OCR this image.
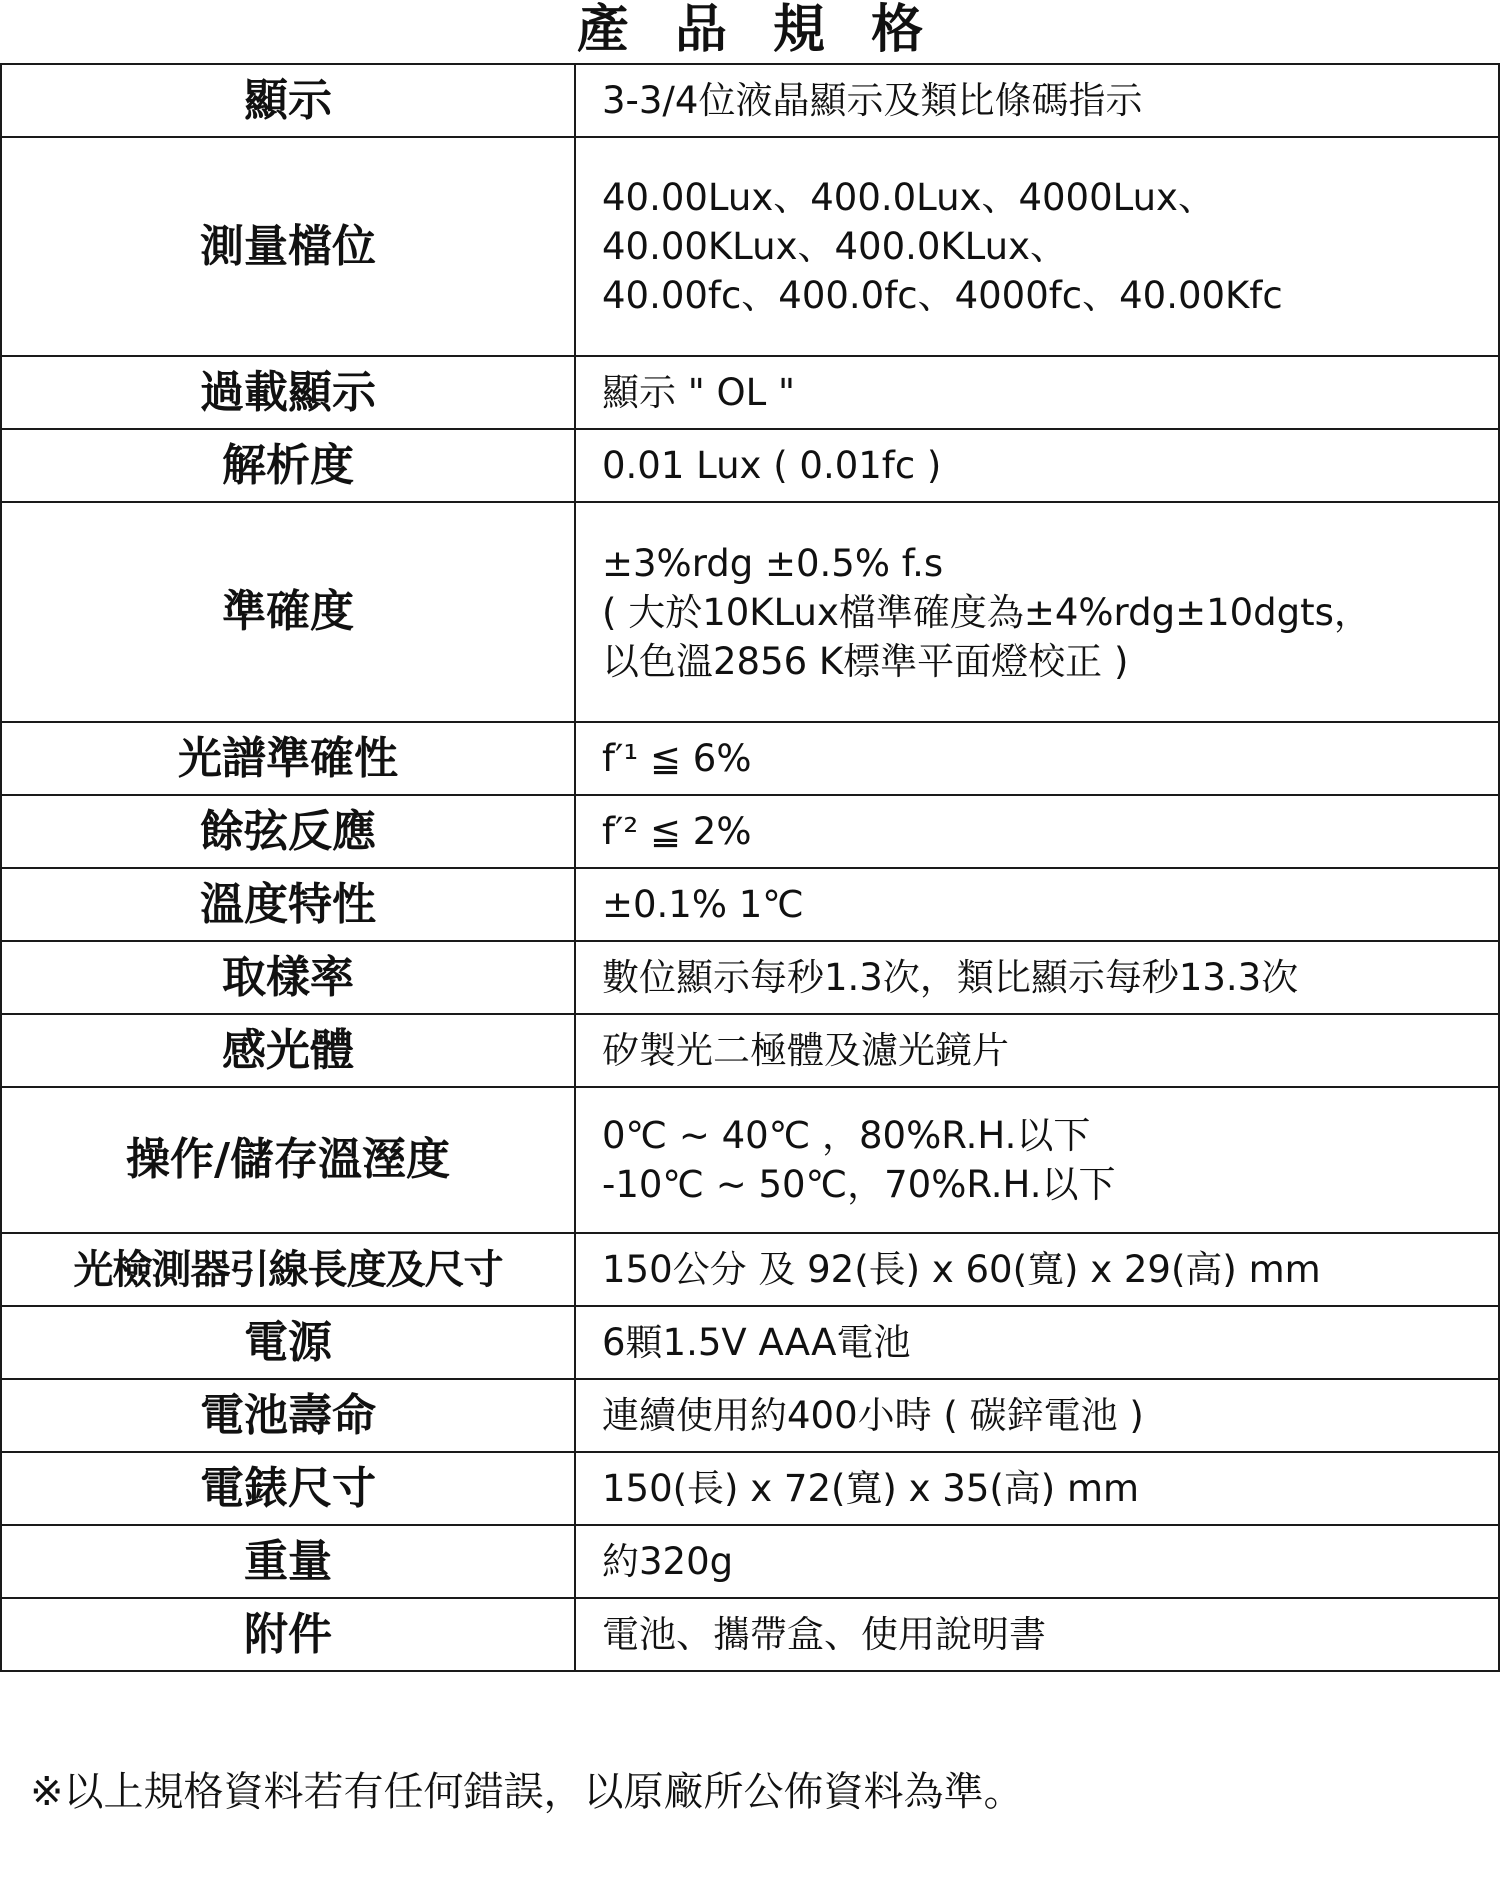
產 品 規 格
顯示	3-3/4位液晶顯示及類比條碼指示

測量檔位	40.00Lux、400.0Lux、4000Lux、
40.00KLux、400.0KLux、
40.00fc、400.0fc、4000fc、40.00Kfc

過載顯示	顯示 " OL "

解析度	0.01 Lux ( 0.01fc )

準確度	±3%rdg ±0.5% f.s
( 大於10KLux檔準確度為±4%rdg±10dgts，
以色溫2856 K標準平面燈校正 )

光譜準確性	f′¹ ≦ 6%

餘弦反應	f′² ≦ 2%

溫度特性	±0.1% 1℃

取樣率	數位顯示每秒1.3次，類比顯示每秒13.3次

感光體	矽製光二極體及濾光鏡片

操作/儲存溫溼度	0℃ ~ 40℃ ，80%R.H.以下
-10℃ ~ 50℃，70%R.H.以下

光檢測器引線長度及尺寸	150公分 及 92(長) x 60(寬) x 29(高) mm

電源	6顆1.5V AAA電池

電池壽命	連續使用約400小時 ( 碳鋅電池 )

電錶尺寸	150(長) x 72(寬) x 35(高) mm

重量	約320g

附件	電池、攜帶盒、使用說明書
※以上規格資料若有任何錯誤，以原廠所公佈資料為準。
